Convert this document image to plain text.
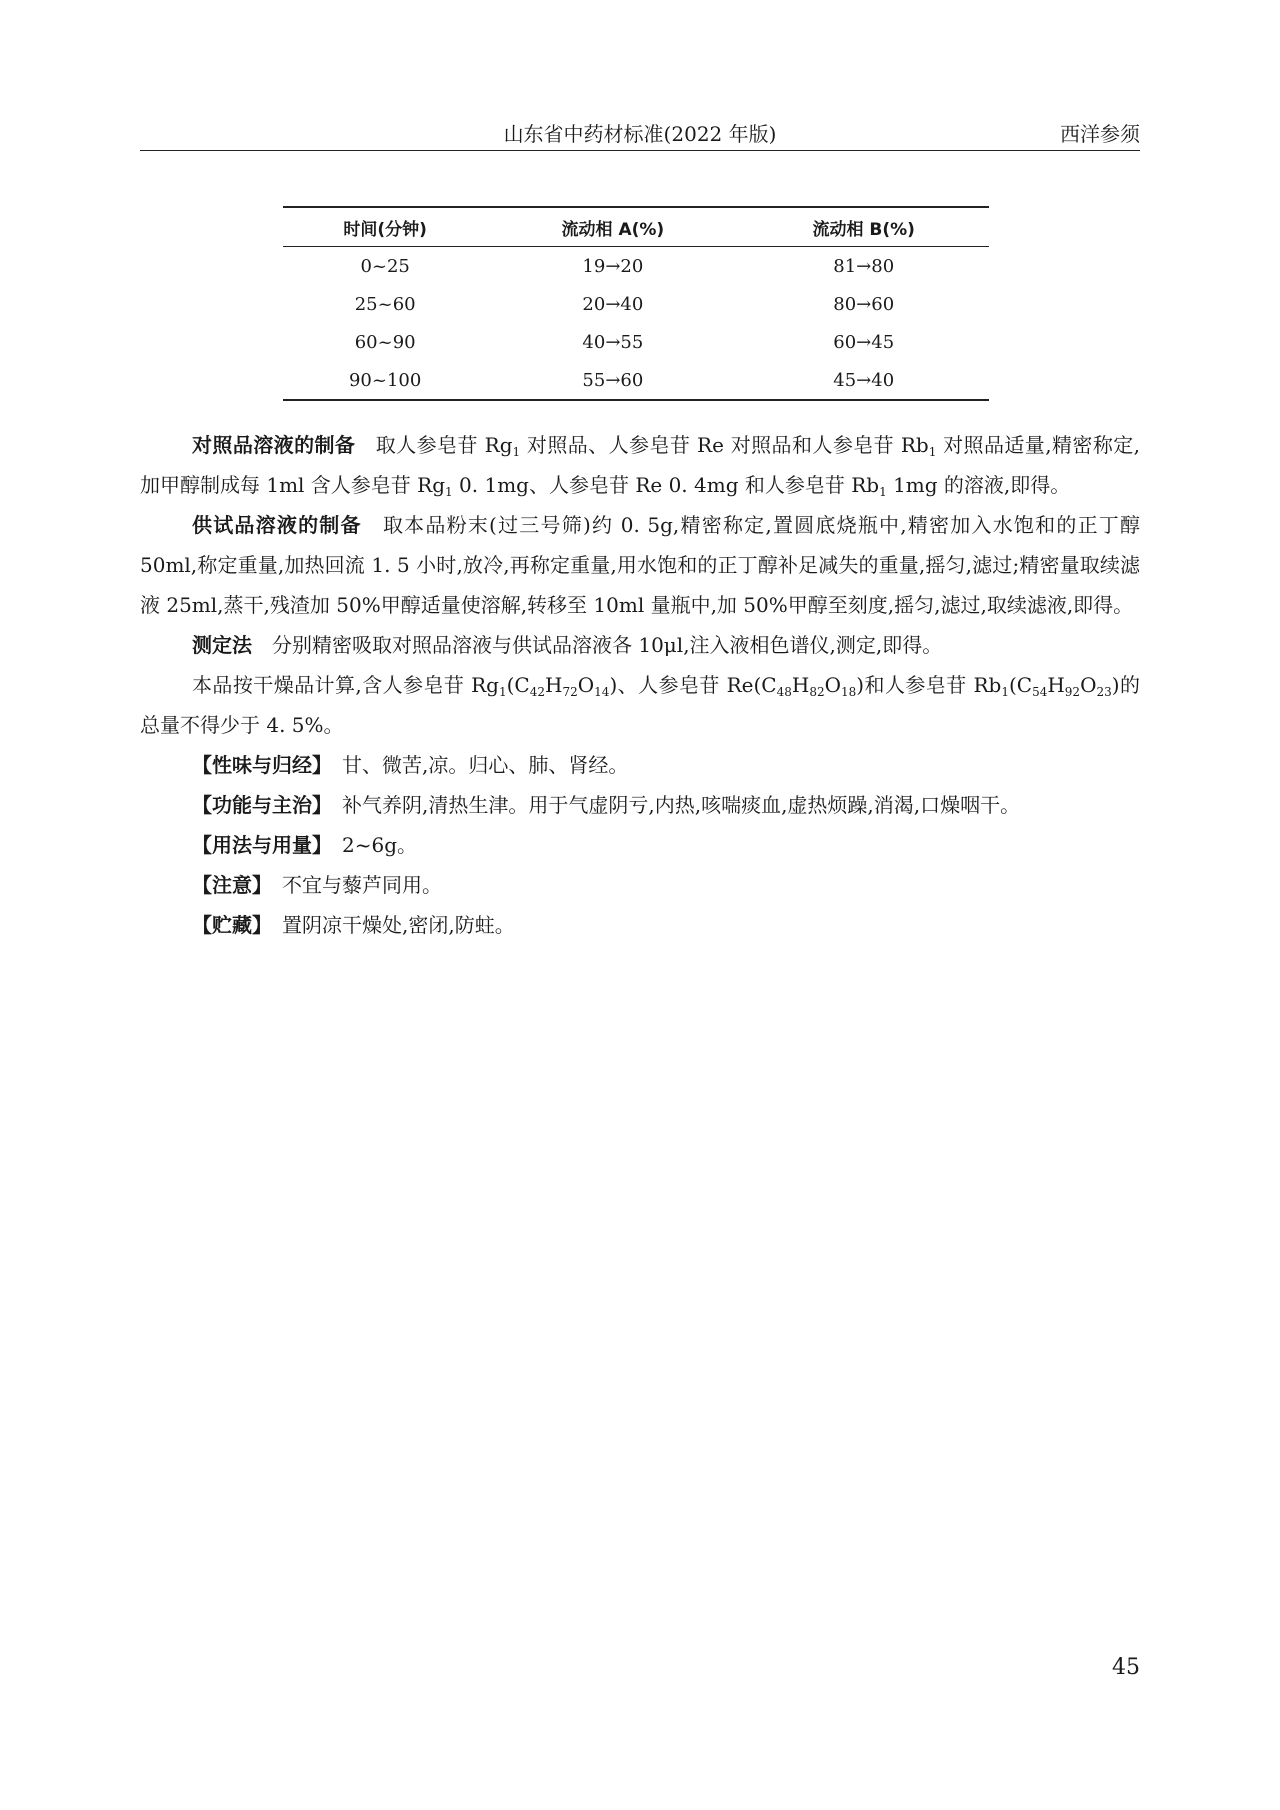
山东省中药材标准(2022 年版)	西洋参须
时间(分钟)	流动相 A(%)	流动相 B(%)
0~25	19→20	81→80
25~60	20→40	80→60
60~90	40→55	60→45
90~100	55→60	45→40

对照品溶液的制备　 取人参皂苷 $Rg_1$ 对照品、人参皂苷 Re 对照品和人参皂苷 $Rb_1$ 对照品适量,精密称定,加甲醇制成每 1ml 含人参皂苷 $Rg_1$ 0. 1mg、人参皂苷 Re 0. 4mg 和人参皂苷 $Rb_1$ 1mg 的溶液,即得。

供试品溶液的制备　 取本品粉末(过三号筛)约 0. 5g,精密称定,置圆底烧瓶中,精密加入水饱和的正丁醇 50ml,称定重量,加热回流 1. 5 小时,放冷,再称定重量,用水饱和的正丁醇补足减失的重量,摇匀,滤过;精密量取续滤液 25ml,蒸干,残渣加 50%甲醇适量使溶解,转移至 10ml 量瓶中,加 50%甲醇至刻度,摇匀,滤过,取续滤液,即得。

测定法　 分别精密吸取对照品溶液与供试品溶液各 10μl,注入液相色谱仪,测定,即得。

本品按干燥品计算,含人参皂苷 $Rg_1(C_{42}H_{72}O_{14})$、人参皂苷 $Re(C_{48}H_{82}O_{18})$和人参皂苷 $Rb_1(C_{54}H_{92}O_{23})$的总量不得少于 4. 5%。

【性味与归经】　 甘、微苦,凉。归心、肺、肾经。

【功能与主治】　 补气养阴,清热生津。用于气虚阴亏,内热,咳喘痰血,虚热烦躁,消渴,口燥咽干。

【用法与用量】　 2~6g。

【注意】　 不宜与藜芦同用。

【贮藏】　 置阴凉干燥处,密闭,防蛀。

45
